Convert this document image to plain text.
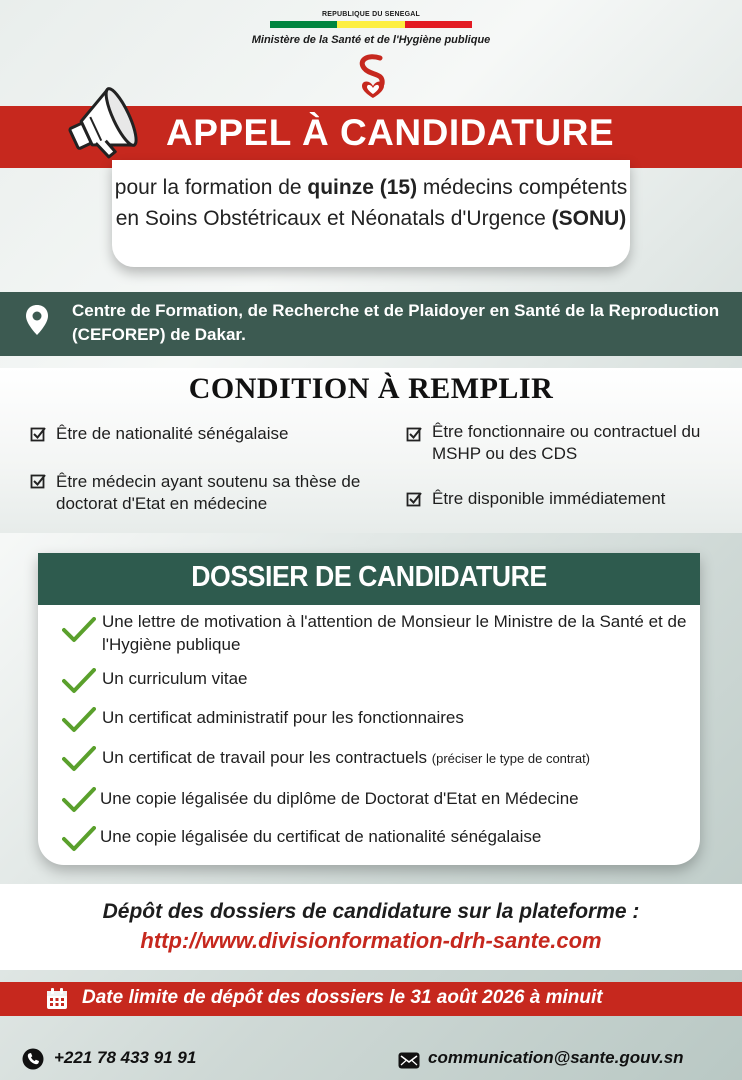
REPUBLIQUE DU SENEGAL
Ministère de la Santé et de l'Hygiène publique
APPEL À CANDIDATURE
pour la formation de quinze (15) médecins compétents en Soins Obstétricaux et Néonatals d'Urgence (SONU)
Centre de Formation, de Recherche et de Plaidoyer en Santé de la Reproduction (CEFOREP) de Dakar.
CONDITION À REMPLIR
Être de nationalité sénégalaise
Être médecin ayant soutenu sa thèse de doctorat d'Etat en médecine
Être fonctionnaire ou contractuel du MSHP ou des CDS
Être disponible immédiatement
DOSSIER DE CANDIDATURE
Une lettre de motivation à l'attention de Monsieur le Ministre de la Santé et de l'Hygiène publique
Un curriculum vitae
Un certificat administratif pour les fonctionnaires
Un certificat de travail pour les contractuels (préciser le type de contrat)
Une copie légalisée du diplôme de Doctorat d'Etat en Médecine
Une copie légalisée du certificat de nationalité sénégalaise
Dépôt des dossiers de candidature sur la plateforme :
http://www.divisionformation-drh-sante.com
Date limite de dépôt des dossiers le 31 août 2026 à minuit
+221 78 433 91 91	communication@sante.gouv.sn
